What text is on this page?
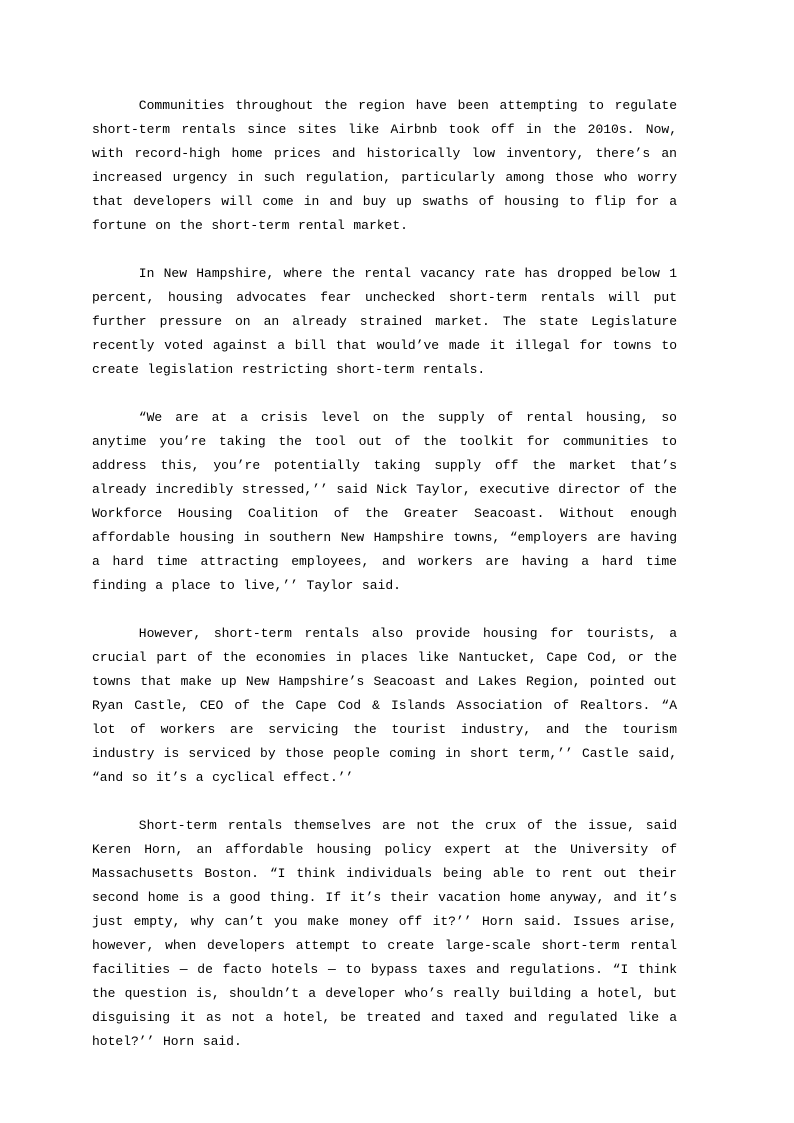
Communities throughout the region have been attempting to regulate short-term rentals since sites like Airbnb took off in the 2010s. Now, with record-high home prices and historically low inventory, there’s an increased urgency in such regulation, particularly among those who worry that developers will come in and buy up swaths of housing to flip for a fortune on the short-term rental market.

In New Hampshire, where the rental vacancy rate has dropped below 1 percent, housing advocates fear unchecked short-term rentals will put further pressure on an already strained market. The state Legislature recently voted against a bill that would’ve made it illegal for towns to create legislation restricting short-term rentals.

“We are at a crisis level on the supply of rental housing, so anytime you’re taking the tool out of the toolkit for communities to address this, you’re potentially taking supply off the market that’s already incredibly stressed,’’ said Nick Taylor, executive director of the Workforce Housing Coalition of the Greater Seacoast. Without enough affordable housing in southern New Hampshire towns, “employers are having a hard time attracting employees, and workers are having a hard time finding a place to live,’’ Taylor said.

However, short-term rentals also provide housing for tourists, a crucial part of the economies in places like Nantucket, Cape Cod, or the towns that make up New Hampshire’s Seacoast and Lakes Region, pointed out Ryan Castle, CEO of the Cape Cod & Islands Association of Realtors. “A lot of workers are servicing the tourist industry, and the tourism industry is serviced by those people coming in short term,’’ Castle said, “and so it’s a cyclical effect.’’

Short-term rentals themselves are not the crux of the issue, said Keren Horn, an affordable housing policy expert at the University of Massachusetts Boston. “I think individuals being able to rent out their second home is a good thing. If it’s their vacation home anyway, and it’s just empty, why can’t you make money off it?’’ Horn said. Issues arise, however, when developers attempt to create large-scale short-term rental facilities — de facto hotels — to bypass taxes and regulations. “I think the question is, shouldn’t a developer who’s really building a hotel, but disguising it as not a hotel, be treated and taxed and regulated like a hotel?’’ Horn said.
